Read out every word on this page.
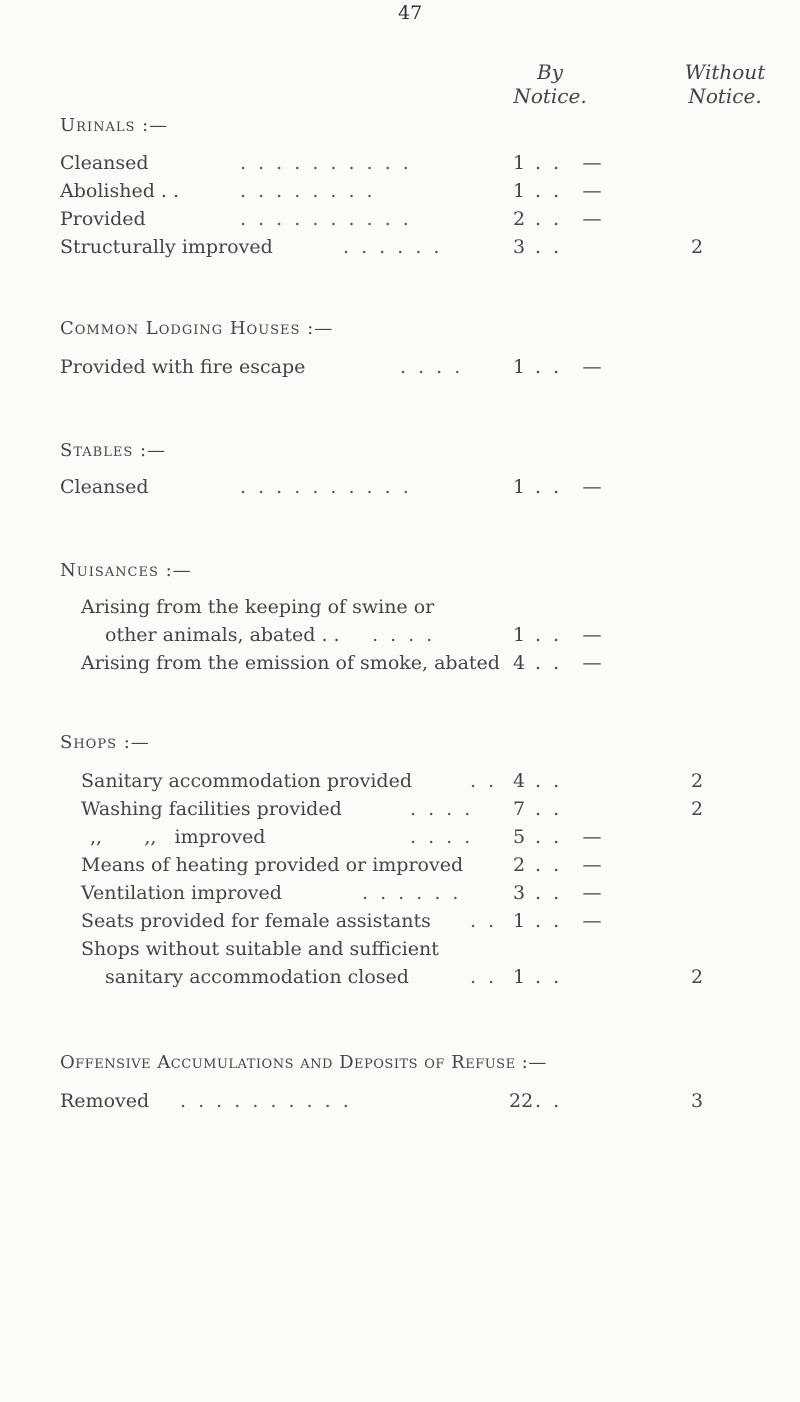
47
By
Notice.
Without
Notice.
Urinals :—
Cleansed	. . . . . . . . . .	1 . . —
Abolished . .	. . . . . . . .	1 . . —
Provided	. . . . . . . . . .	2 . . —
Structurally improved	. . . . . .	3 . .	2
Common Lodging Houses :—
Provided with fire escape	. . . .	1 . . —
Stables :—
Cleansed	. . . . . . . . . .	1 . . —
Nuisances :—
Arising from the keeping of swine or
other animals, abated . . . . . .	1 . . —
Arising from the emission of smoke, abated 4 . . —
Shops :—
Sanitary accommodation provided	. . 4 . .	2
Washing facilities provided	. . . . 7 . .	2
,,       ,,   improved	. . . . 5 . . —
Means of heating provided or improved	2 . . —
Ventilation improved	. . . . . .	3 . . —
Seats provided for female assistants . . 1 . . —
Shops without suitable and sufficient
sanitary accommodation closed	. . 1 . .	2
Offensive Accumulations and Deposits of Refuse :—
Removed . . . . . . . . . .	22 . .	3
